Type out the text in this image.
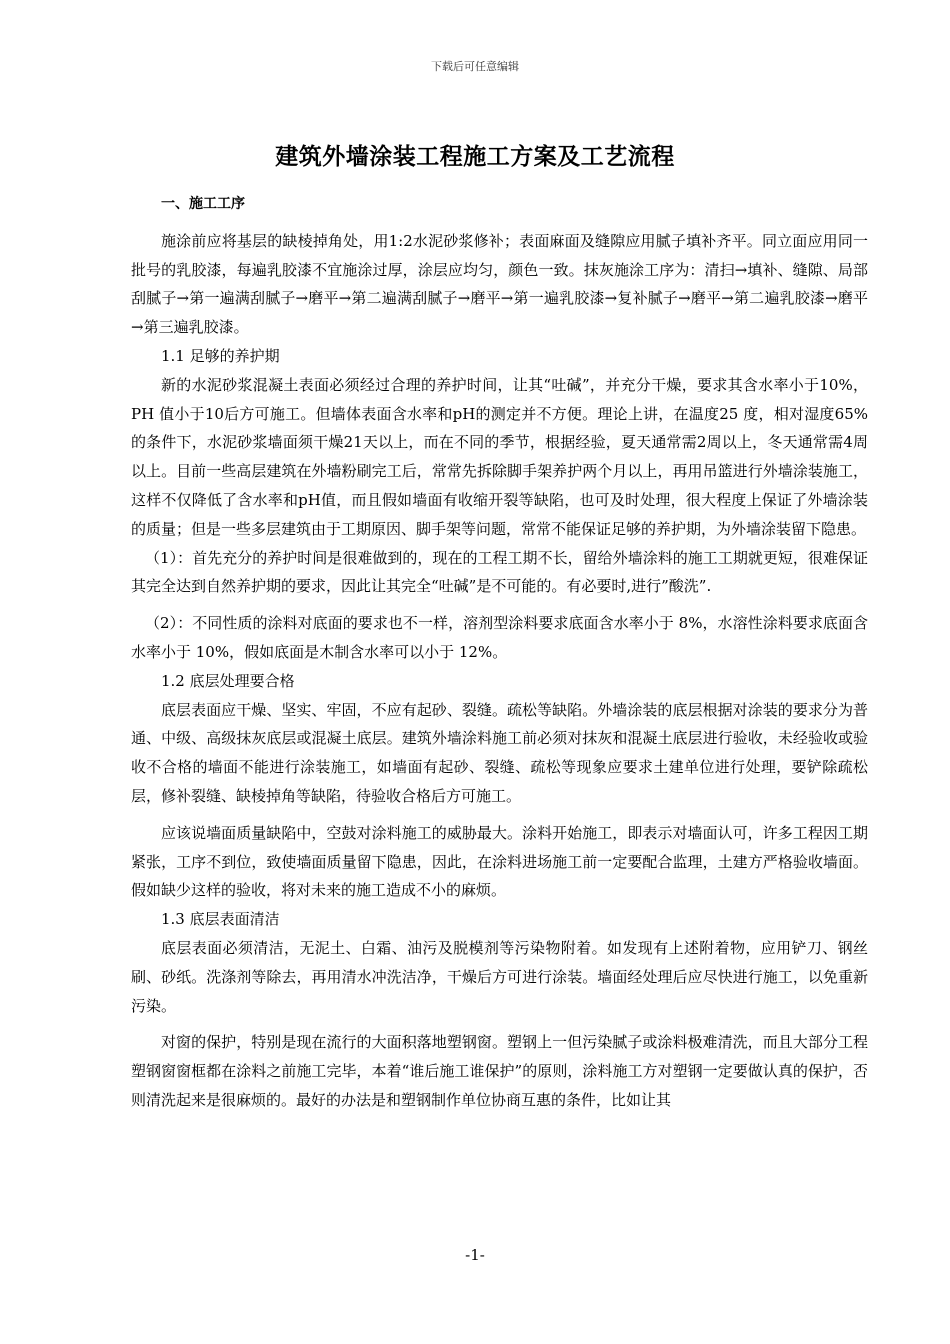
下载后可任意编辑
建筑外墙涂装工程施工方案及工艺流程

一、施工工序

施涂前应将基层的缺棱掉角处，用1:2水泥砂浆修补；表面麻面及缝隙应用腻子填补齐平。同立面应用同一批号的乳胶漆，每遍乳胶漆不宜施涂过厚，涂层应均匀，颜色一致。抹灰施涂工序为：清扫→填补、缝隙、局部刮腻子→第一遍满刮腻子→磨平→第二遍满刮腻子→磨平→第一遍乳胶漆→复补腻子→磨平→第二遍乳胶漆→磨平→第三遍乳胶漆。

1.1 足够的养护期

新的水泥砂浆混凝土表面必须经过合理的养护时间，让其“吐碱”，并充分干燥，要求其含水率小于10%，PH 值小于10后方可施工。但墙体表面含水率和pH的测定并不方便。理论上讲，在温度25 度，相对湿度65%的条件下，水泥砂浆墙面须干燥21天以上，而在不同的季节，根据经验，夏天通常需2周以上，冬天通常需4周以上。目前一些高层建筑在外墙粉刷完工后，常常先拆除脚手架养护两个月以上，再用吊篮进行外墙涂装施工，这样不仅降低了含水率和pH值，而且假如墙面有收缩开裂等缺陷，也可及时处理，很大程度上保证了外墙涂装的质量；但是一些多层建筑由于工期原因、脚手架等问题，常常不能保证足够的养护期，为外墙涂装留下隐患。

（1）：首先充分的养护时间是很难做到的，现在的工程工期不长，留给外墙涂料的施工工期就更短，很难保证其完全达到自然养护期的要求，因此让其完全“吐碱”是不可能的。有必要时,进行”酸洗”.

（2）：不同性质的涂料对底面的要求也不一样，溶剂型涂料要求底面含水率小于 8%，水溶性涂料要求底面含水率小于 10%，假如底面是木制含水率可以小于 12%。

1.2 底层处理要合格

底层表面应干燥、坚实、牢固，不应有起砂、裂缝。疏松等缺陷。外墙涂装的底层根据对涂装的要求分为普通、中级、高级抹灰底层或混凝土底层。建筑外墙涂料施工前必须对抹灰和混凝土底层进行验收，未经验收或验收不合格的墙面不能进行涂装施工，如墙面有起砂、裂缝、疏松等现象应要求土建单位进行处理，要铲除疏松层，修补裂缝、缺棱掉角等缺陷，待验收合格后方可施工。

应该说墙面质量缺陷中，空鼓对涂料施工的威胁最大。涂料开始施工，即表示对墙面认可，许多工程因工期紧张，工序不到位，致使墙面质量留下隐患，因此，在涂料进场施工前一定要配合监理，土建方严格验收墙面。假如缺少这样的验收，将对未来的施工造成不小的麻烦。

1.3 底层表面清洁

底层表面必须清洁，无泥土、白霜、油污及脱模剂等污染物附着。如发现有上述附着物，应用铲刀、钢丝刷、砂纸。洗涤剂等除去，再用清水冲洗洁净，干燥后方可进行涂装。墙面经处理后应尽快进行施工，以免重新污染。

对窗的保护，特别是现在流行的大面积落地塑钢窗。塑钢上一但污染腻子或涂料极难清洗，而且大部分工程塑钢窗窗框都在涂料之前施工完毕，本着“谁后施工谁保护”的原则，涂料施工方对塑钢一定要做认真的保护，否则清洗起来是很麻烦的。最好的办法是和塑钢制作单位协商互惠的条件，比如让其

-1-
